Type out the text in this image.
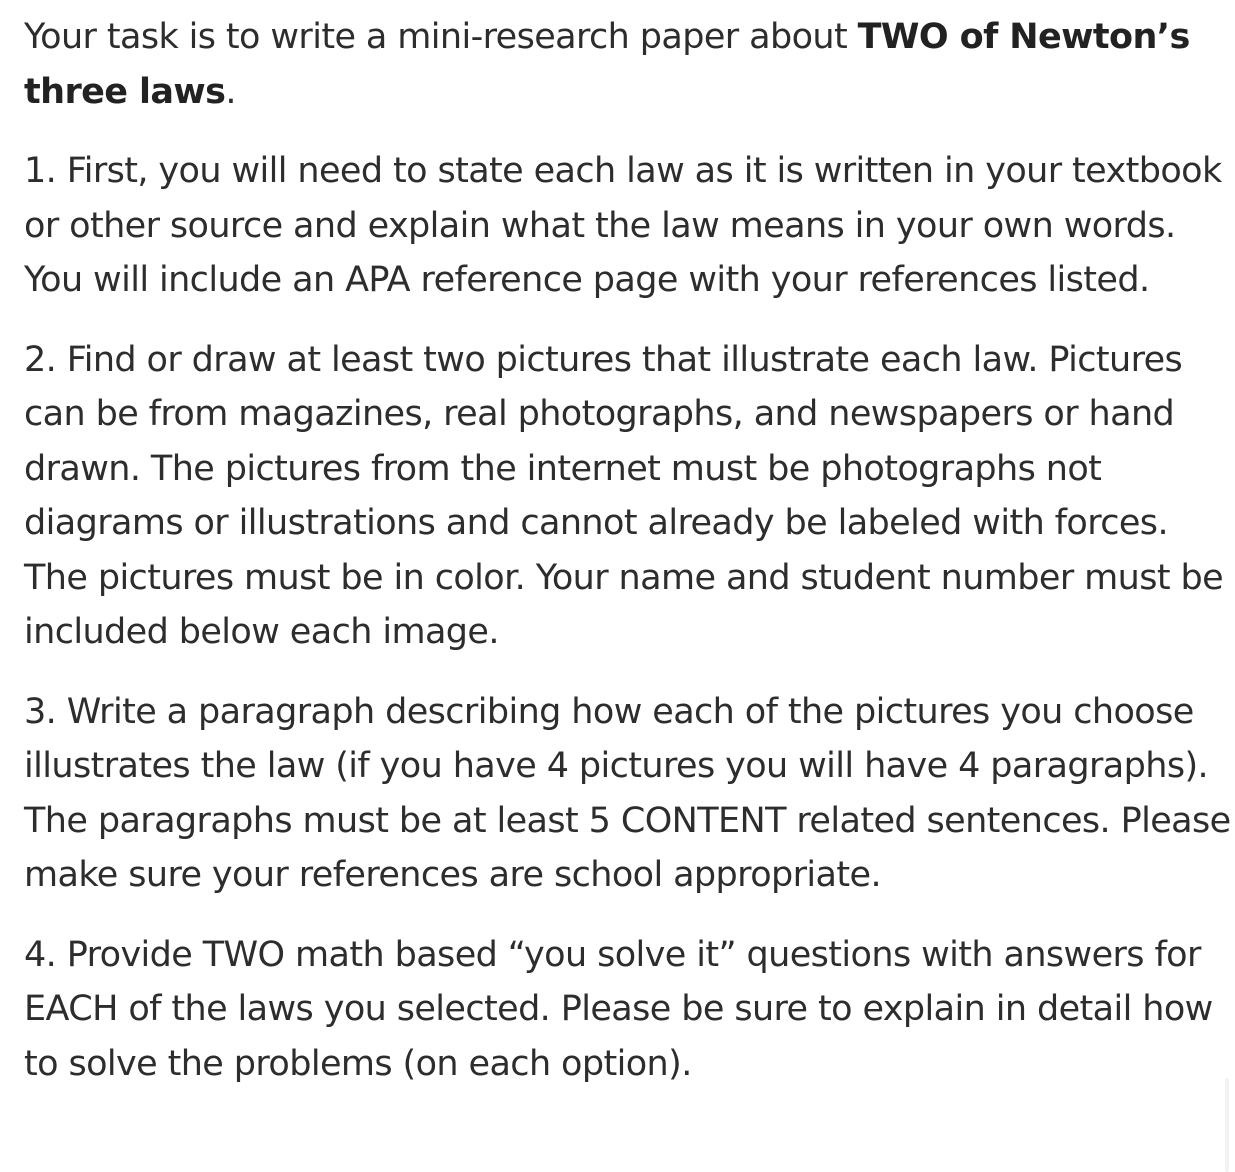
Your task is to write a mini-research paper about TWO of Newton’s three laws.

1. First, you will need to state each law as it is written in your textbook or other source and explain what the law means in your own words. You will include an APA reference page with your references listed.

2. Find or draw at least two pictures that illustrate each law. Pictures can be from magazines, real photographs, and newspapers or hand drawn. The pictures from the internet must be photographs not diagrams or illustrations and cannot already be labeled with forces. The pictures must be in color. Your name and student number must be included below each image.

3. Write a paragraph describing how each of the pictures you choose illustrates the law (if you have 4 pictures you will have 4 paragraphs). The paragraphs must be at least 5 CONTENT related sentences. Please make sure your references are school appropriate.

4. Provide TWO math based “you solve it” questions with answers for EACH of the laws you selected. Please be sure to explain in detail how to solve the problems (on each option).
